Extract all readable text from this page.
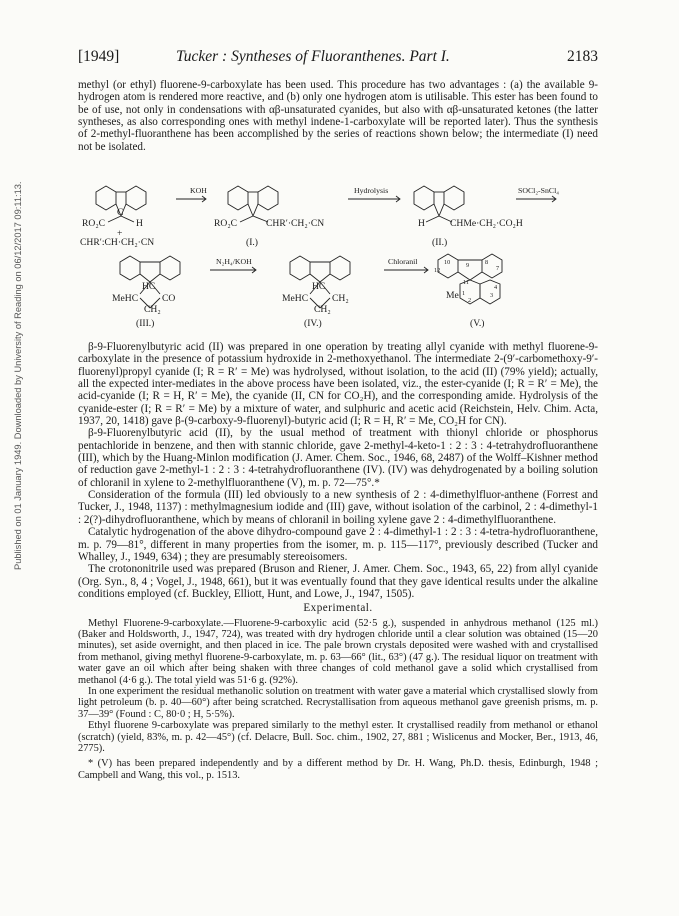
Published on 01 January 1949. Downloaded by University of Reading on 06/12/2017 09:11:13.
[1949]	Tucker : Syntheses of Fluoranthenes. Part I.	2183

methyl (or ethyl) fluorene-9-carboxylate has been used. This procedure has two advantages : (a) the available 9-hydrogen atom is rendered more reactive, and (b) only one hydrogen atom is utilisable. This ester has been found to be of use, not only in condensations with αβ-unsaturated cyanides, but also with αβ-unsaturated ketones (the latter syntheses, as also corresponding ones with methyl indene-1-carboxylate will be reported later). Thus the synthesis of 2-methyl-fluoranthene has been accomplished by the series of reactions shown below; the intermediate (I) need not be isolated.

KOH	Hydrolysis	SOCl₂-SnCl₄
C
RO₂C	H
+
CHR′:CH·CH₂·CN
RO₂C	CHR′·CH₂·CN
(I.)
H	CHMe·CH₂·CO₂H
(II.)
N₂H₄/KOH	Chloranil
HC
MeHC CO
CH₂
(III.)
HC
MeHC CH₂
CH₂
(IV.)
Me
10	9	8
7
12
11
1
2
3
4
(V.)

β-9-Fluorenylbutyric acid (II) was prepared in one operation by treating allyl cyanide with methyl fluorene-9-carboxylate in the presence of potassium hydroxide in 2-methoxyethanol. The intermediate 2-(9′-carbomethoxy-9′-fluorenyl)propyl cyanide (I; R = R′ = Me) was hydrolysed, without isolation, to the acid (II) (79% yield); actually, all the expected inter-mediates in the above process have been isolated, viz., the ester-cyanide (I; R = R′ = Me), the acid-cyanide (I; R = H, R′ = Me), the cyanide (II, CN for CO₂H), and the corresponding amide. Hydrolysis of the cyanide-ester (I; R = R′ = Me) by a mixture of water, and sulphuric and acetic acid (Reichstein, Helv. Chim. Acta, 1937, 20, 1418) gave β-(9-carboxy-9-fluorenyl)-butyric acid (I; R = H, R′ = Me, CO₂H for CN).

β-9-Fluorenylbutyric acid (II), by the usual method of treatment with thionyl chloride or phosphorus pentachloride in benzene, and then with stannic chloride, gave 2-methyl-4-keto-1 : 2 : 3 : 4-tetrahydrofluoranthene (III), which by the Huang-Minlon modification (J. Amer. Chem. Soc., 1946, 68, 2487) of the Wolff–Kishner method of reduction gave 2-methyl-1 : 2 : 3 : 4-tetrahydrofluoranthene (IV). (IV) was dehydrogenated by a boiling solution of chloranil in xylene to 2-methylfluoranthene (V), m. p. 72—75°.*

Consideration of the formula (III) led obviously to a new synthesis of 2 : 4-dimethylfluor-anthene (Forrest and Tucker, J., 1948, 1137) : methylmagnesium iodide and (III) gave, without isolation of the carbinol, 2 : 4-dimethyl-1 : 2(?)-dihydrofluoranthene, which by means of chloranil in boiling xylene gave 2 : 4-dimethylfluoranthene.

Catalytic hydrogenation of the above dihydro-compound gave 2 : 4-dimethyl-1 : 2 : 3 : 4-tetra-hydrofluoranthene, m. p. 79—81°, different in many properties from the isomer, m. p. 115—117°, previously described (Tucker and Whalley, J., 1949, 634) ; they are presumably stereoisomers.

The crotononitrile used was prepared (Bruson and Riener, J. Amer. Chem. Soc., 1943, 65, 22) from allyl cyanide (Org. Syn., 8, 4 ; Vogel, J., 1948, 661), but it was eventually found that they gave identical results under the alkaline conditions employed (cf. Buckley, Elliott, Hunt, and Lowe, J., 1947, 1505).

Experimental.

Methyl Fluorene-9-carboxylate.—Fluorene-9-carboxylic acid (52·5 g.), suspended in anhydrous methanol (125 ml.) (Baker and Holdsworth, J., 1947, 724), was treated with dry hydrogen chloride until a clear solution was obtained (15—20 minutes), set aside overnight, and then placed in ice. The pale brown crystals deposited were washed with and crystallised from methanol, giving methyl fluorene-9-carboxylate, m. p. 63—66° (lit., 63°) (47 g.). The residual liquor on treatment with water gave an oil which after being shaken with three changes of cold methanol gave a solid which crystallised from methanol (4·6 g.). The total yield was 51·6 g. (92%).

In one experiment the residual methanolic solution on treatment with water gave a material which crystallised slowly from light petroleum (b. p. 40—60°) after being scratched. Recrystallisation from aqueous methanol gave greenish prisms, m. p. 37—39° (Found : C, 80·0 ; H, 5·5%).

Ethyl fluorene 9-carboxylate was prepared similarly to the methyl ester. It crystallised readily from methanol or ethanol (scratch) (yield, 83%, m. p. 42—45°) (cf. Delacre, Bull. Soc. chim., 1902, 27, 881 ; Wislicenus and Mocker, Ber., 1913, 46, 2775).

* (V) has been prepared independently and by a different method by Dr. H. Wang, Ph.D. thesis, Edinburgh, 1948 ; Campbell and Wang, this vol., p. 1513.
